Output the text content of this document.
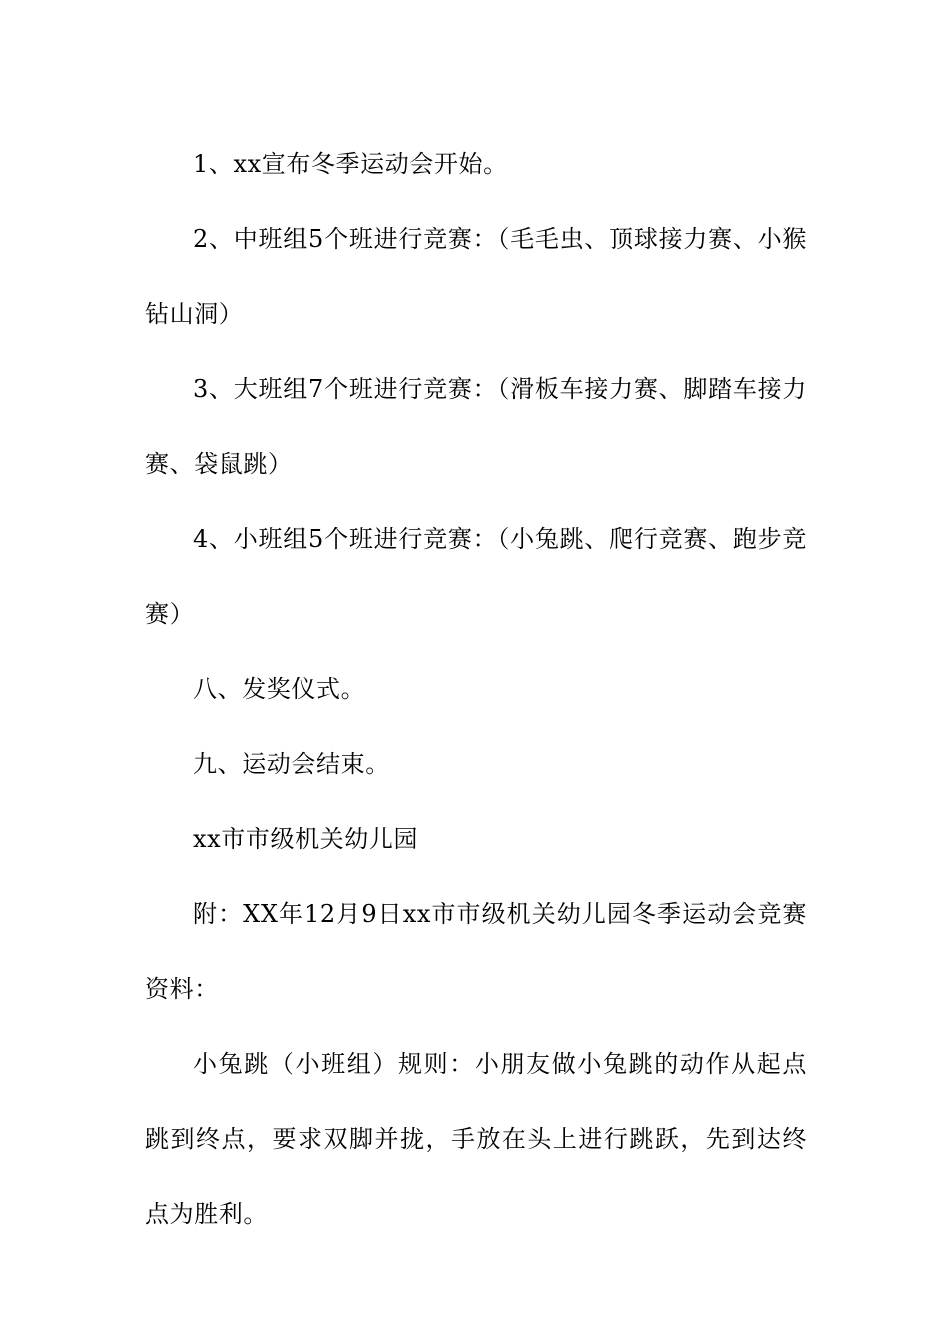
1、xx宣布冬季运动会开始。

2、中班组5个班进行竞赛：（毛毛虫、顶球接力赛、小猴钻山洞）

3、大班组7个班进行竞赛：（滑板车接力赛、脚踏车接力赛、袋鼠跳）

4、小班组5个班进行竞赛：（小兔跳、爬行竞赛、跑步竞赛）

八、发奖仪式。

九、运动会结束。

xx市市级机关幼儿园

附：XX年12月9日xx市市级机关幼儿园冬季运动会竞赛资料：

小兔跳（小班组）规则：小朋友做小兔跳的动作从起点跳到终点，要求双脚并拢，手放在头上进行跳跃，先到达终点为胜利。
